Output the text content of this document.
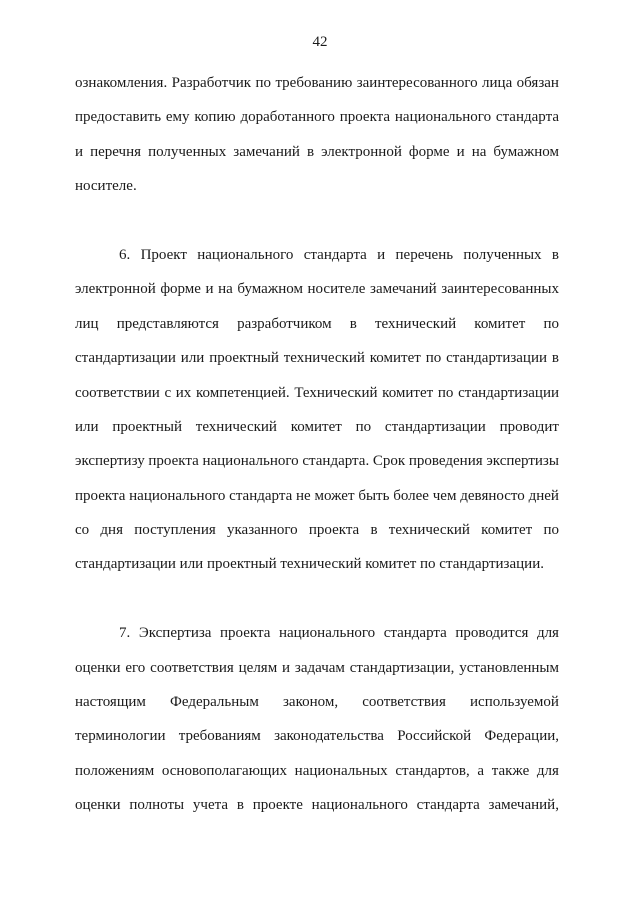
42
ознакомления. Разработчик по требованию заинтересованного лица обязан
предоставить ему копию доработанного проекта национального стандарта
и перечня полученных замечаний в электронной форме и на бумажном
носителе.
6. Проект национального стандарта и перечень полученных в
электронной форме и на бумажном носителе замечаний заинтересованных
лиц представляются разработчиком в технический комитет по
стандартизации или проектный технический комитет по стандартизации в
соответствии с их компетенцией. Технический комитет по стандартизации
или проектный технический комитет по стандартизации проводит
экспертизу проекта национального стандарта. Срок проведения экспертизы
проекта национального стандарта не может быть более чем девяносто дней
со дня поступления указанного проекта в технический комитет по
стандартизации или проектный технический комитет по стандартизации.
7. Экспертиза проекта национального стандарта проводится для
оценки его соответствия целям и задачам стандартизации, установленным
настоящим Федеральным законом, соответствия используемой
терминологии требованиям законодательства Российской Федерации,
положениям основополагающих национальных стандартов, а также для
оценки полноты учета в проекте национального стандарта замечаний,
